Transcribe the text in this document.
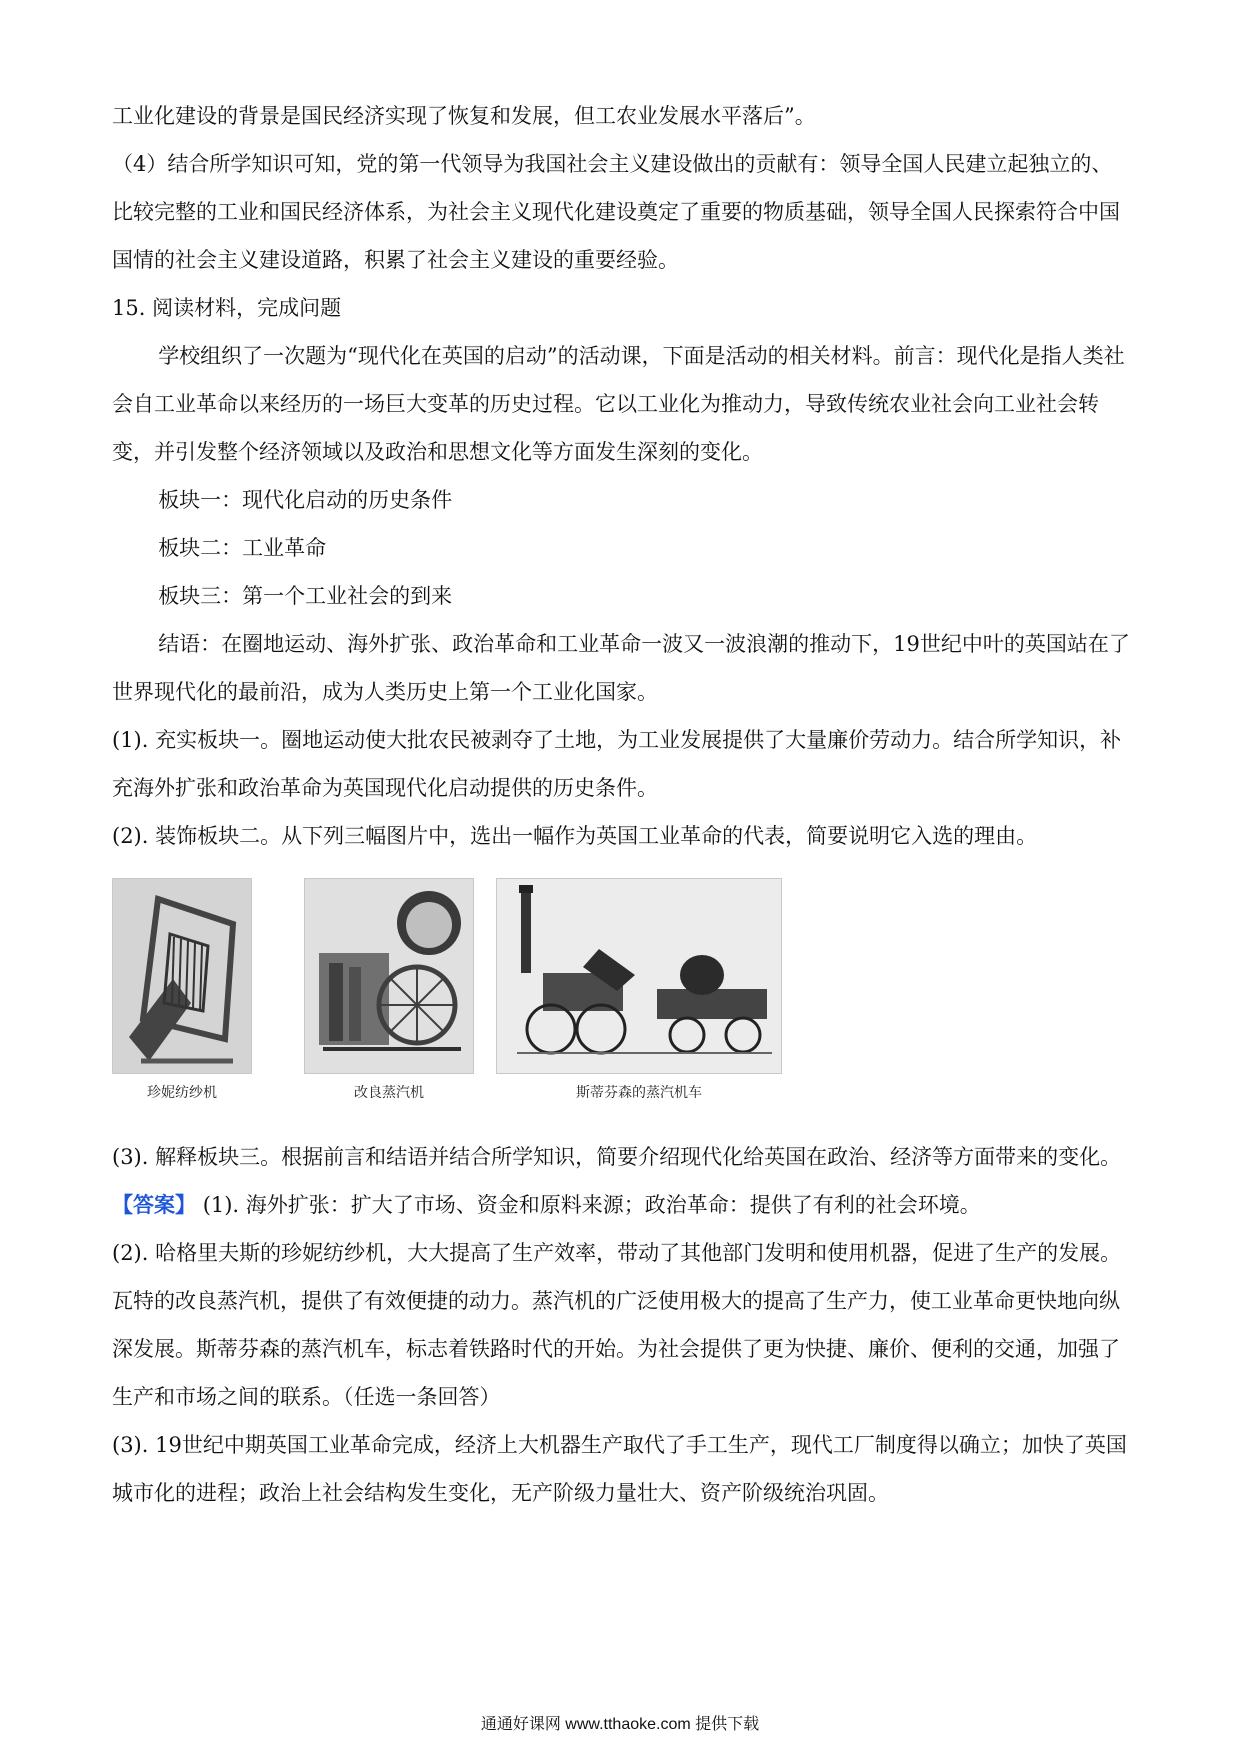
工业化建设的背景是国民经济实现了恢复和发展，但工农业发展水平落后”。

（4）结合所学知识可知，党的第一代领导为我国社会主义建设做出的贡献有：领导全国人民建立起独立的、比较完整的工业和国民经济体系，为社会主义现代化建设奠定了重要的物质基础，领导全国人民探索符合中国国情的社会主义建设道路，积累了社会主义建设的重要经验。

15. 阅读材料，完成问题

学校组织了一次题为“现代化在英国的启动”的活动课，下面是活动的相关材料。前言：现代化是指人类社会自工业革命以来经历的一场巨大变革的历史过程。它以工业化为推动力，导致传统农业社会向工业社会转变，并引发整个经济领域以及政治和思想文化等方面发生深刻的变化。

板块一：现代化启动的历史条件

板块二：工业革命

板块三：第一个工业社会的到来

结语：在圈地运动、海外扩张、政治革命和工业革命一波又一波浪潮的推动下，19世纪中叶的英国站在了世界现代化的最前沿，成为人类历史上第一个工业化国家。

(1). 充实板块一。圈地运动使大批农民被剥夺了土地，为工业发展提供了大量廉价劳动力。结合所学知识，补充海外扩张和政治革命为英国现代化启动提供的历史条件。

(2). 装饰板块二。从下列三幅图片中，选出一幅作为英国工业革命的代表，简要说明它入选的理由。

珍妮纺纱机	改良蒸汽机	斯蒂芬森的蒸汽机车

(3). 解释板块三。根据前言和结语并结合所学知识，简要介绍现代化给英国在政治、经济等方面带来的变化。

【答案】 (1). 海外扩张：扩大了市场、资金和原料来源；政治革命：提供了有利的社会环境。

(2). 哈格里夫斯的珍妮纺纱机，大大提高了生产效率，带动了其他部门发明和使用机器，促进了生产的发展。瓦特的改良蒸汽机，提供了有效便捷的动力。蒸汽机的广泛使用极大的提高了生产力，使工业革命更快地向纵深发展。斯蒂芬森的蒸汽机车，标志着铁路时代的开始。为社会提供了更为快捷、廉价、便利的交通，加强了生产和市场之间的联系。（任选一条回答）

(3). 19世纪中期英国工业革命完成，经济上大机器生产取代了手工生产，现代工厂制度得以确立；加快了英国城市化的进程；政治上社会结构发生变化，无产阶级力量壮大、资产阶级统治巩固。

通通好课网 www.tthaoke.com 提供下载
